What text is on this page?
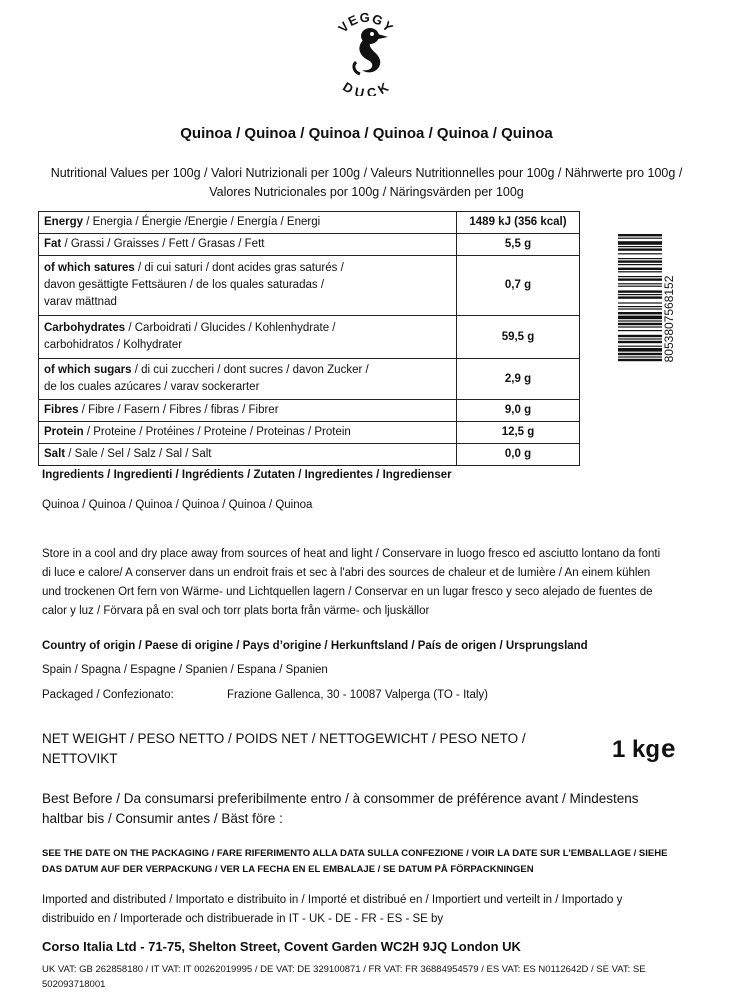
VEGGY
DUCK
Quinoa / Quinoa / Quinoa / Quinoa / Quinoa / Quinoa
Nutritional Values per 100g / Valori Nutrizionali per 100g / Valeurs Nutritionnelles pour 100g / Nährwerte pro 100g /
Valores Nutricionales por 100g / Näringsvärden per 100g
Energy / Energia / Énergie /Energie / Energía / Energi	1489 kJ (356 kcal)
Fat / Grassi / Graisses / Fett / Grasas / Fett	5,5 g

of which satures / di cui saturi / dont acides gras saturés /
davon gesättigte Fettsäuren / de los quales saturadas /
varav mättnad	0,7 g

Carbohydrates / Carboidrati / Glucides / Kohlenhydrate /
carbohidratos / Kolhydrater	59,5 g

of which sugars / di cui zuccheri / dont sucres / davon Zucker /
de los cuales azúcares / varav sockerarter	2,9 g
Fibres / Fibre / Fasern / Fibres / fibras / Fibrer	9,0 g
Protein / Proteine / Protéines / Proteine / Proteinas / Protein	12,5 g
Salt / Sale / Sel / Salz / Sal / Salt	0,0 g
8053807568152
Ingredients / Ingredienti / Ingrédients / Zutaten / Ingredientes / Ingredienser
Quinoa / Quinoa / Quinoa / Quinoa / Quinoa / Quinoa
Store in a cool and dry place away from sources of heat and light / Conservare in luogo fresco ed asciutto lontano da fonti
di luce e calore/ A conserver dans un endroit frais et sec à l'abri des sources de chaleur et de lumière / An einem kühlen
und trockenen Ort fern von Wärme- und Lichtquellen lagern / Conservar en un lugar fresco y seco alejado de fuentes de
calor y luz / Förvara på en sval och torr plats borta från värme- och ljuskällor
Country of origin / Paese di origine / Pays d’origine / Herkunftsland / País de origen / Ursprungsland
Spain / Spagna / Espagne / Spanien / Espana / Spanien
Packaged / Confezionato:	Frazione Gallenca, 30 - 10087 Valperga (TO - Italy)
NET WEIGHT / PESO NETTO / POIDS NET / NETTOGEWICHT / PESO NETO /
NETTOVIKT	1 kge
Best Before / Da consumarsi preferibilmente entro / à consommer de préférence avant / Mindestens
haltbar bis / Consumir antes / Bäst före :
SEE THE DATE ON THE PACKAGING / FARE RIFERIMENTO ALLA DATA SULLA CONFEZIONE / VOIR LA DATE SUR L'EMBALLAGE / SIEHE
DAS DATUM AUF DER VERPACKUNG / VER LA FECHA EN EL EMBALAJE / SE DATUM PÅ FÖRPACKNINGEN
Imported and distributed / Importato e distribuito in / Importé et distribué en / Importiert und verteilt in / Importado y
distribuido en / Importerade och distribuerade in IT - UK - DE - FR - ES - SE by
Corso Italia Ltd - 71-75, Shelton Street, Covent Garden WC2H 9JQ London UK
UK VAT: GB 262858180 / IT VAT: IT 00262019995 / DE VAT: DE 329100871 / FR VAT: FR 36884954579 / ES VAT: ES N0112642D / SE VAT: SE
502093718001
